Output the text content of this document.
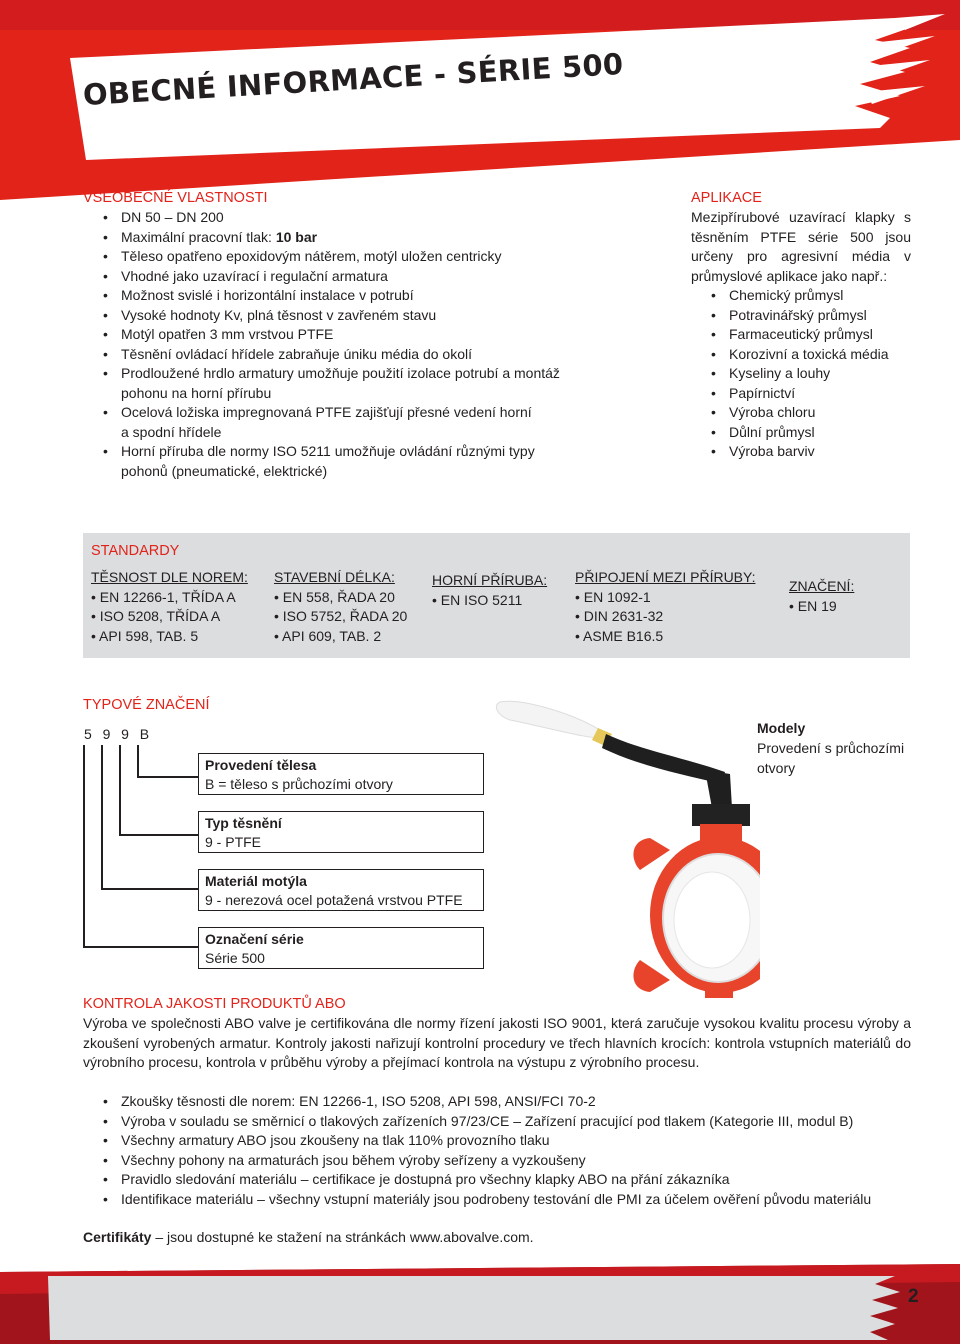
OBECNÉ INFORMACE - SÉRIE 500
VŠEOBECNÉ VLASTNOSTI
• DN 50 – DN 200
• Maximální pracovní tlak: 10 bar
• Těleso opatřeno epoxidovým nátěrem, motýl uložen centricky
• Vhodné jako uzavírací i regulační armatura
• Možnost svislé i horizontální instalace v potrubí
• Vysoké hodnoty Kv, plná těsnost v zavřeném stavu
• Motýl opatřen 3 mm vrstvou PTFE
• Těsnění ovládací hřídele zabraňuje úniku média do okolí
• Prodloužené hrdlo armatury umožňuje použití izolace potrubí a montáž pohonu na horní přírubu
• Ocelová ložiska impregnovaná PTFE zajišťují přesné vedení horní a spodní hřídele
• Horní příruba dle normy ISO 5211 umožňuje ovládání různými typy pohonů (pneumatické, elektrické)
APLIKACE
Mezipřírubové uzavírací klapky s těsněním PTFE série 500 jsou určeny pro agresivní média v průmyslové aplikace jako např.:
• Chemický průmysl
• Potravinářský průmysl
• Farmaceutický průmysl
• Korozivní a toxická média
• Kyseliny a louhy
• Papírnictví
• Výroba chloru
• Důlní průmysl
• Výroba barviv
STANDARDY
TĚSNOST DLE NOREM:
• EN 12266-1, TŘÍDA A
• ISO 5208, TŘÍDA A
• API 598, TAB. 5
STAVEBNÍ DÉLKA:
• EN 558, ŘADA 20
• ISO 5752, ŘADA 20
• API 609, TAB. 2
HORNÍ PŘÍRUBA:
• EN ISO 5211
PŘIPOJENÍ MEZI PŘÍRUBY:
• EN 1092-1
• DIN 2631-32
• ASME B16.5
ZNAČENÍ:
• EN 19
TYPOVÉ ZNAČENÍ
5  9  9  B
Provedení tělesa
B = těleso s průchozími otvory
Typ těsnění
9 - PTFE
Materiál motýla
9 - nerezová ocel potažená vrstvou PTFE
Označení série
Série 500
Modely
Provedení s průchozími otvory
KONTROLA JAKOSTI PRODUKTŮ ABO
Výroba ve společnosti ABO valve je certifikována dle normy řízení jakosti ISO 9001, která zaručuje vysokou kvalitu procesu výroby a zkoušení vyrobených armatur. Kontroly jakosti nařizují kontrolní procedury ve třech hlavních krocích: kontrola vstupních materiálů do výrobního procesu, kontrola v průběhu výroby a přejímací kontrola na výstupu z výrobního procesu.
• Zkoušky těsnosti dle norem: EN 12266-1, ISO 5208, API 598, ANSI/FCI 70-2
• Výroba v souladu se směrnicí o tlakových zařízeních 97/23/CE – Zařízení pracující pod tlakem (Kategorie III, modul B)
• Všechny armatury ABO jsou zkoušeny na tlak 110% provozního tlaku
• Všechny pohony na armaturách jsou během výroby seřízeny a vyzkoušeny
• Pravidlo sledování materiálu – certifikace je dostupná pro všechny klapky ABO na přání zákazníka
• Identifikace materiálu – všechny vstupní materiály jsou podrobeny testování dle PMI za účelem ověření původu materiálu
Certifikáty – jsou dostupné ke stažení na stránkách www.abovalve.com.
2
